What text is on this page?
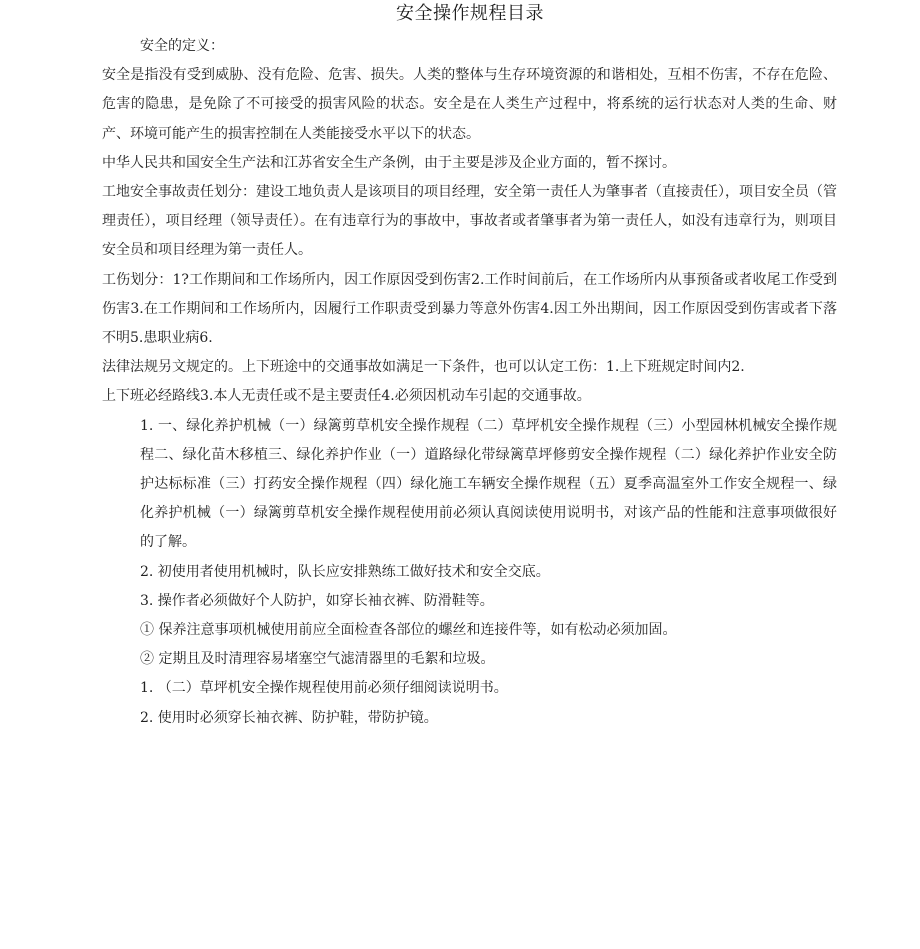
安全操作规程目录

安全的定义：

安全是指没有受到威胁、没有危险、危害、损失。人类的整体与生存环境资源的和谐相处，互相不伤害，不存在危险、危害的隐患，是免除了不可接受的损害风险的状态。安全是在人类生产过程中，将系统的运行状态对人类的生命、财产、环境可能产生的损害控制在人类能接受水平以下的状态。

中华人民共和国安全生产法和江苏省安全生产条例，由于主要是涉及企业方面的，暂不探讨。

工地安全事故责任划分：建设工地负责人是该项目的项目经理，安全第一责任人为肇事者（直接责任），项目安全员（管理责任），项目经理（领导责任）。在有违章行为的事故中，事故者或者肇事者为第一责任人，如没有违章行为，则项目安全员和项目经理为第一责任人。

工伤划分：1?工作期间和工作场所内，因工作原因受到伤害2.工作时间前后，在工作场所内从事预备或者收尾工作受到伤害3.在工作期间和工作场所内，因履行工作职责受到暴力等意外伤害4.因工外出期间，因工作原因受到伤害或者下落不明5.患职业病6.

法律法规另文规定的。上下班途中的交通事故如满足一下条件，也可以认定工伤：1.上下班规定时间内2.

上下班必经路线3.本人无责任或不是主要责任4.必须因机动车引起的交通事故。

1. 一、绿化养护机械（一）绿篱剪草机安全操作规程（二）草坪机安全操作规程（三）小型园林机械安全操作规程二、绿化苗木移植三、绿化养护作业（一）道路绿化带绿篱草坪修剪安全操作规程（二）绿化养护作业安全防护达标标准（三）打药安全操作规程（四）绿化施工车辆安全操作规程（五）夏季高温室外工作安全规程一、绿化养护机械（一）绿篱剪草机安全操作规程使用前必须认真阅读使用说明书，对该产品的性能和注意事项做很好的了解。
2. 初使用者使用机械时，队长应安排熟练工做好技术和安全交底。
3. 操作者必须做好个人防护，如穿长袖衣裤、防滑鞋等。
① 保养注意事项机械使用前应全面检查各部位的螺丝和连接件等，如有松动必须加固。
② 定期且及时清理容易堵塞空气滤清器里的毛絮和垃圾。
1. （二）草坪机安全操作规程使用前必须仔细阅读说明书。
2. 使用时必须穿长袖衣裤、防护鞋，带防护镜。
